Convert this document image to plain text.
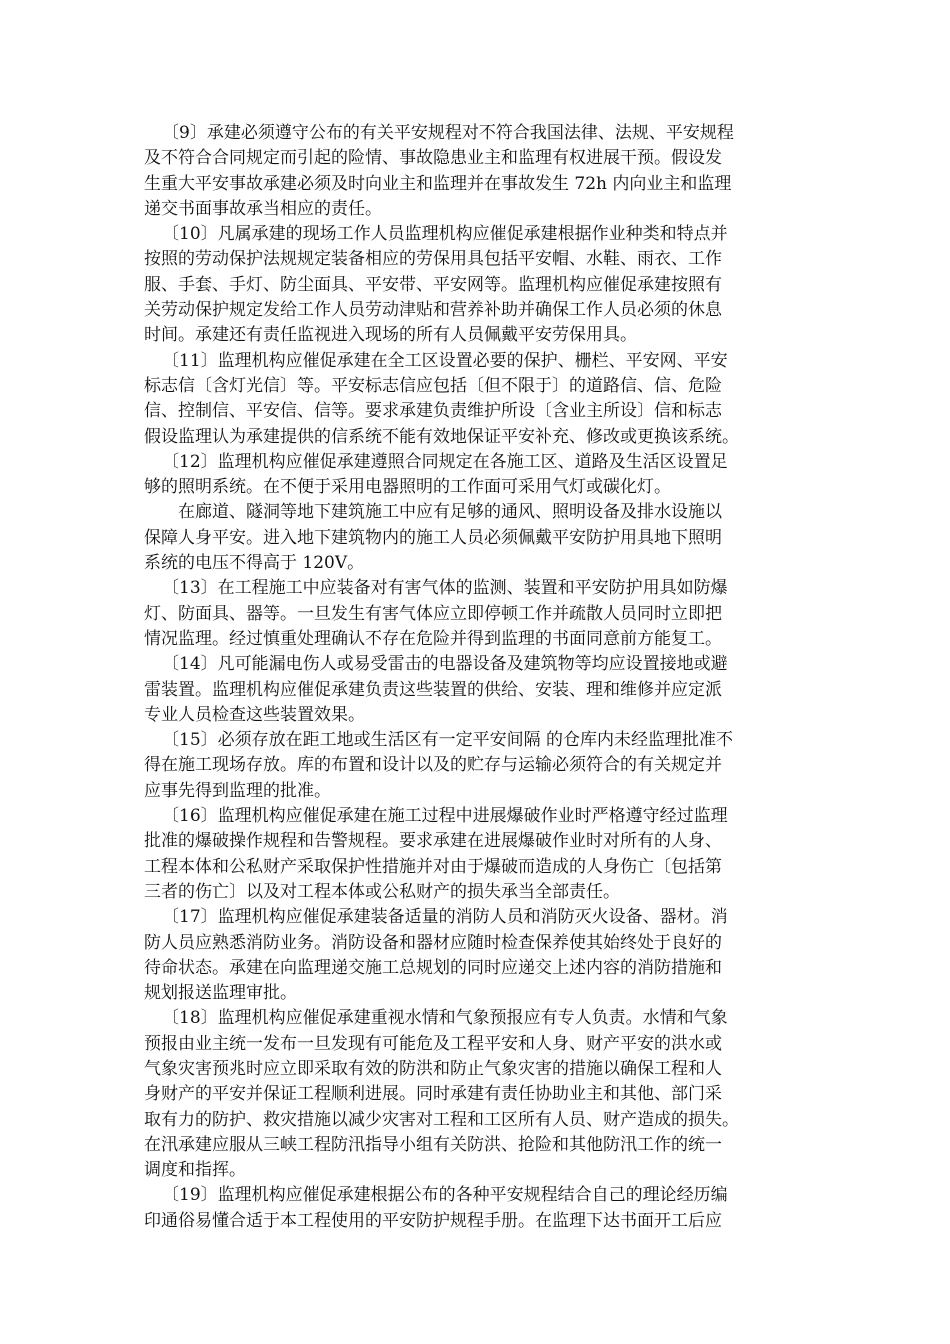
〔9〕承建必须遵守公布的有关平安规程对不符合我国法律、法规、平安规程
及不符合合同规定而引起的险情、事故隐患业主和监理有权进展干预。假设发
生重大平安事故承建必须及时向业主和监理并在事故发生 72h 内向业主和监理
递交书面事故承当相应的责任。
〔10〕凡属承建的现场工作人员监理机构应催促承建根据作业种类和特点并
按照的劳动保护法规规定装备相应的劳保用具包括平安帽、水鞋、雨衣、工作
服、手套、手灯、防尘面具、平安带、平安网等。监理机构应催促承建按照有
关劳动保护规定发给工作人员劳动津贴和营养补助并确保工作人员必须的休息
时间。承建还有责任监视进入现场的所有人员佩戴平安劳保用具。
〔11〕监理机构应催促承建在全工区设置必要的保护、栅栏、平安网、平安
标志信〔含灯光信〕等。平安标志信应包括〔但不限于〕的道路信、信、危险
信、控制信、平安信、信等。要求承建负责维护所设〔含业主所设〕信和标志
假设监理认为承建提供的信系统不能有效地保证平安补充、修改或更换该系统。
〔12〕监理机构应催促承建遵照合同规定在各施工区、道路及生活区设置足
够的照明系统。在不便于采用电器照明的工作面可采用气灯或碳化灯。
在廊道、隧洞等地下建筑施工中应有足够的通风、照明设备及排水设施以
保障人身平安。进入地下建筑物内的施工人员必须佩戴平安防护用具地下照明
系统的电压不得高于 120V。
〔13〕在工程施工中应装备对有害气体的监测、装置和平安防护用具如防爆
灯、防面具、器等。一旦发生有害气体应立即停顿工作并疏散人员同时立即把
情况监理。经过慎重处理确认不存在危险并得到监理的书面同意前方能复工。
〔14〕凡可能漏电伤人或易受雷击的电器设备及建筑物等均应设置接地或避
雷装置。监理机构应催促承建负责这些装置的供给、安装、理和维修并应定派
专业人员检查这些装置效果。
〔15〕必须存放在距工地或生活区有一定平安间隔 的仓库内未经监理批准不
得在施工现场存放。库的布置和设计以及的贮存与运输必须符合的有关规定并
应事先得到监理的批准。
〔16〕监理机构应催促承建在施工过程中进展爆破作业时严格遵守经过监理
批准的爆破操作规程和告警规程。要求承建在进展爆破作业时对所有的人身、
工程本体和公私财产采取保护性措施并对由于爆破而造成的人身伤亡〔包括第
三者的伤亡〕以及对工程本体或公私财产的损失承当全部责任。
〔17〕监理机构应催促承建装备适量的消防人员和消防灭火设备、器材。消
防人员应熟悉消防业务。消防设备和器材应随时检查保养使其始终处于良好的
待命状态。承建在向监理递交施工总规划的同时应递交上述内容的消防措施和
规划报送监理审批。
〔18〕监理机构应催促承建重视水情和气象预报应有专人负责。水情和气象
预报由业主统一发布一旦发现有可能危及工程平安和人身、财产平安的洪水或
气象灾害预兆时应立即采取有效的防洪和防止气象灾害的措施以确保工程和人
身财产的平安并保证工程顺利进展。同时承建有责任协助业主和其他、部门采
取有力的防护、救灾措施以减少灾害对工程和工区所有人员、财产造成的损失。
在汛承建应服从三峡工程防汛指导小组有关防洪、抢险和其他防汛工作的统一
调度和指挥。
〔19〕监理机构应催促承建根据公布的各种平安规程结合自己的理论经历编
印通俗易懂合适于本工程使用的平安防护规程手册。在监理下达书面开工后应
